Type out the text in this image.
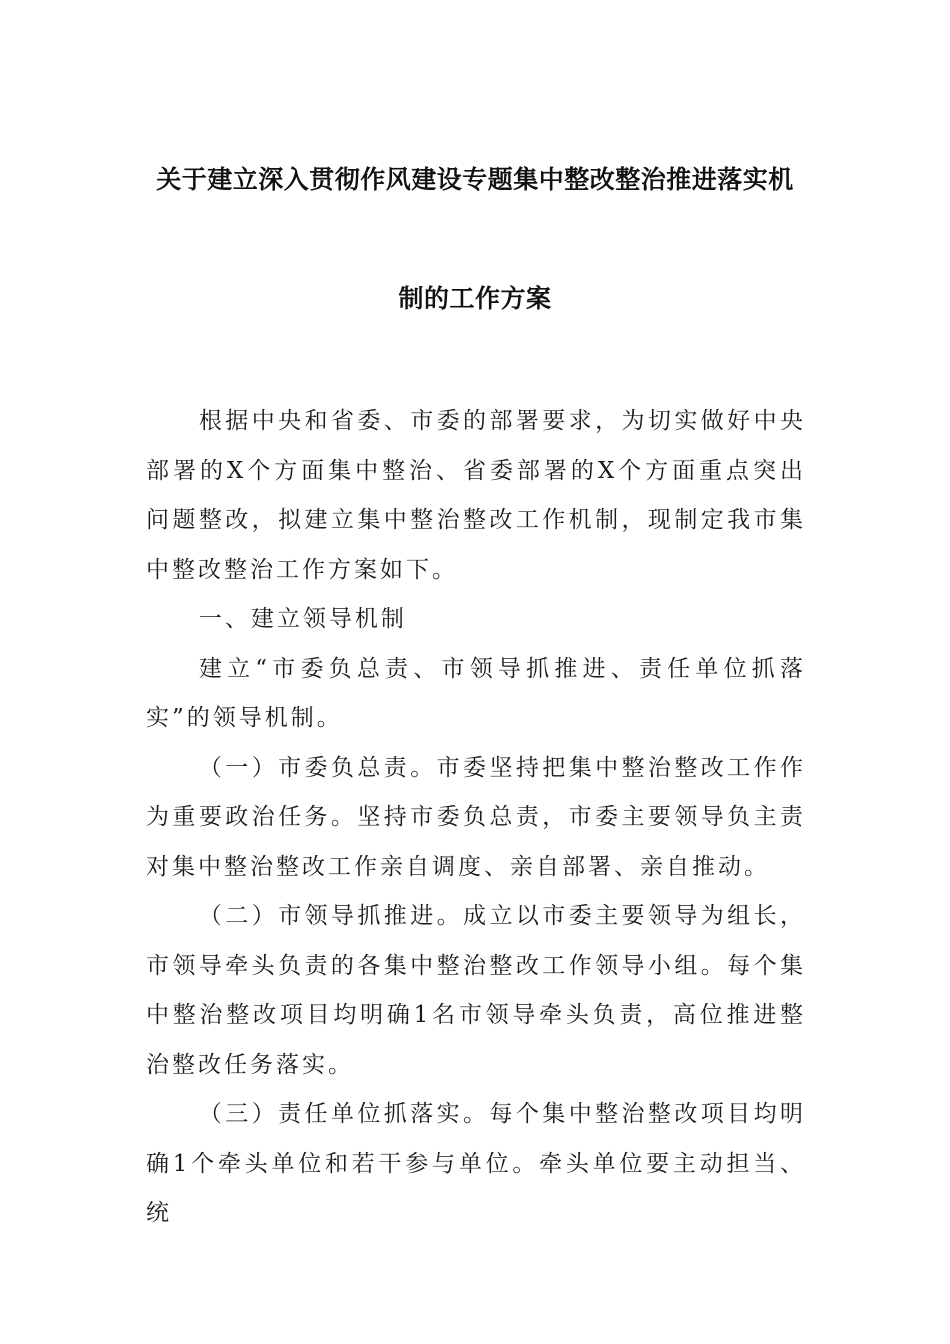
关于建立深入贯彻作风建设专题集中整改整治推进落实机
制的工作方案

根据中央和省委、市委的部署要求，为切实做好中央部署的X个方面集中整治、省委部署的X个方面重点突出问题整改，拟建立集中整治整改工作机制，现制定我市集中整改整治工作方案如下。

一、建立领导机制

建立“市委负总责、市领导抓推进、责任单位抓落实”的领导机制。

（一）市委负总责。市委坚持把集中整治整改工作作为重要政治任务。坚持市委负总责，市委主要领导负主责对集中整治整改工作亲自调度、亲自部署、亲自推动。

（二）市领导抓推进。成立以市委主要领导为组长，市领导牵头负责的各集中整治整改工作领导小组。每个集中整治整改项目均明确1名市领导牵头负责，高位推进整治整改任务落实。

（三）责任单位抓落实。每个集中整治整改项目均明确1个牵头单位和若干参与单位。牵头单位要主动担当、统
